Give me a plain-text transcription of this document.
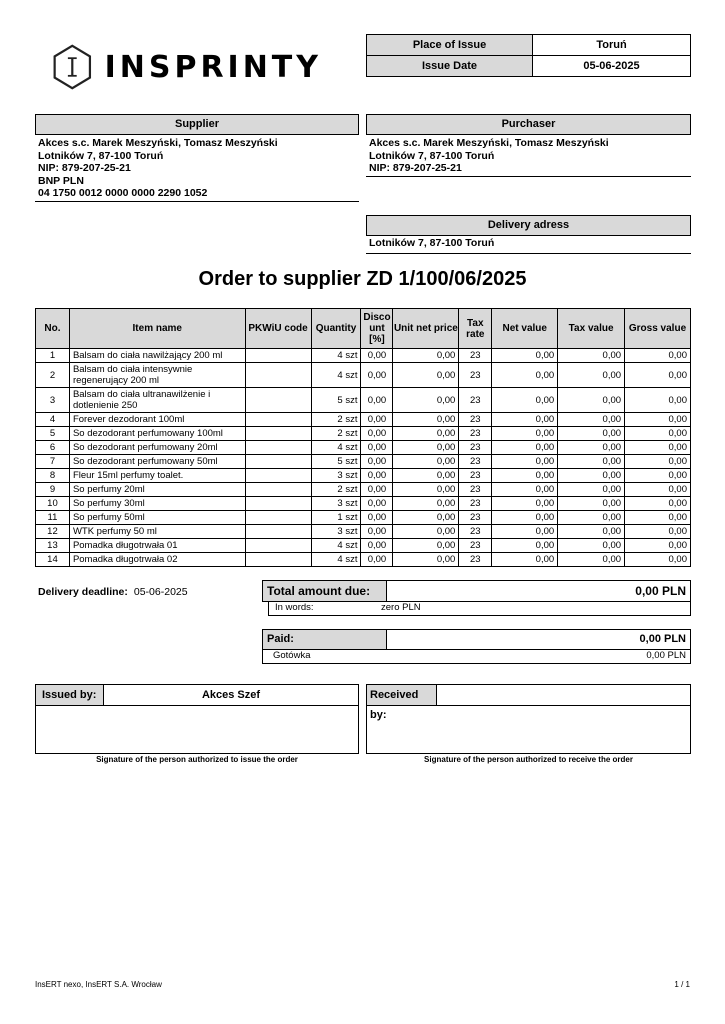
INSPRINTY
Place of Issue	Toruń
Issue Date	05-06-2025
Supplier
Akces s.c. Marek Meszyński, Tomasz Meszyński
Lotników 7, 87-100 Toruń
NIP: 879-207-25-21
BNP PLN
04 1750 0012 0000 0000 2290 1052
Purchaser
Akces s.c. Marek Meszyński, Tomasz Meszyński
Lotników 7, 87-100 Toruń
NIP: 879-207-25-21
Delivery adress
Lotników 7, 87-100 Toruń
Order to supplier ZD 1/100/06/2025
No.	Item name	PKWiU code	Quantity	Disco unt [%]	Unit net price	Tax rate	Net value	Tax value	Gross value
1	Balsam do ciała nawilżający 200 ml		4 szt	0,00	0,00	23	0,00	0,00	0,00
2	Balsam do ciała intensywnie regenerujący 200 ml		4 szt	0,00	0,00	23	0,00	0,00	0,00
3	Balsam do ciała ultranawilżenie i dotlenienie 250		5 szt	0,00	0,00	23	0,00	0,00	0,00
4	Forever dezodorant 100ml		2 szt	0,00	0,00	23	0,00	0,00	0,00
5	So dezodorant perfumowany 100ml		2 szt	0,00	0,00	23	0,00	0,00	0,00
6	So dezodorant perfumowany 20ml		4 szt	0,00	0,00	23	0,00	0,00	0,00
7	So dezodorant perfumowany 50ml		5 szt	0,00	0,00	23	0,00	0,00	0,00
8	Fleur 15ml perfumy toalet.		3 szt	0,00	0,00	23	0,00	0,00	0,00
9	So perfumy 20ml		2 szt	0,00	0,00	23	0,00	0,00	0,00
10	So perfumy 30ml		3 szt	0,00	0,00	23	0,00	0,00	0,00
11	So perfumy 50ml		1 szt	0,00	0,00	23	0,00	0,00	0,00
12	WTK perfumy 50 ml		3 szt	0,00	0,00	23	0,00	0,00	0,00
13	Pomadka długotrwała 01		4 szt	0,00	0,00	23	0,00	0,00	0,00
14	Pomadka długotrwała 02		4 szt	0,00	0,00	23	0,00	0,00	0,00
Delivery deadline: 05-06-2025	Total amount due:	0,00 PLN
In words:	zero PLN
Paid:	0,00 PLN
Gotówka	0,00 PLN
Issued by:	Akces Szef
Signature of the person authorized to issue the order
Received by:
Signature of the person authorized to receive the order
InsERT nexo, InsERT S.A. Wrocław	1 / 1
